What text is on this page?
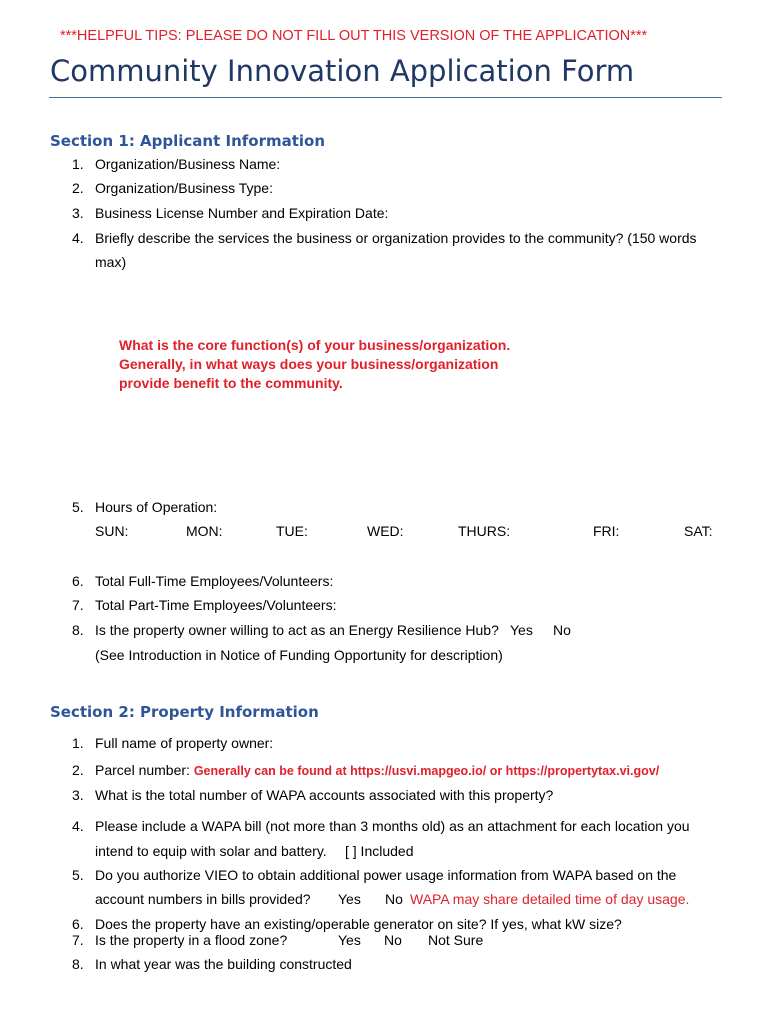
***HELPFUL TIPS: PLEASE DO NOT FILL OUT THIS VERSION OF THE APPLICATION***
Community Innovation Application Form
Section 1: Applicant Information
1. Organization/Business Name:
2. Organization/Business Type:
3. Business License Number and Expiration Date:
4. Briefly describe the services the business or organization provides to the community? (150 words
max)
What is the core function(s) of your business/organization.
Generally, in what ways does your business/organization
provide benefit to the community.
5. Hours of Operation:
SUN:	MON:	TUE:	WED:	THURS:	FRI:	SAT:
6. Total Full-Time Employees/Volunteers:
7. Total Part-Time Employees/Volunteers:
8. Is the property owner willing to act as an Energy Resilience Hub? Yes No
(See Introduction in Notice of Funding Opportunity for description)
Section 2: Property Information
1. Full name of property owner:
2. Parcel number: Generally can be found at https://usvi.mapgeo.io/ or https://propertytax.vi.gov/
3. What is the total number of WAPA accounts associated with this property?
4. Please include a WAPA bill (not more than 3 months old) as an attachment for each location you
intend to equip with solar and battery. [ ] Included
5. Do you authorize VIEO to obtain additional power usage information from WAPA based on the
account numbers in bills provided? Yes No WAPA may share detailed time of day usage.
6. Does the property have an existing/operable generator on site? If yes, what kW size?
7. Is the property in a flood zone?	Yes No Not Sure
8. In what year was the building constructed
